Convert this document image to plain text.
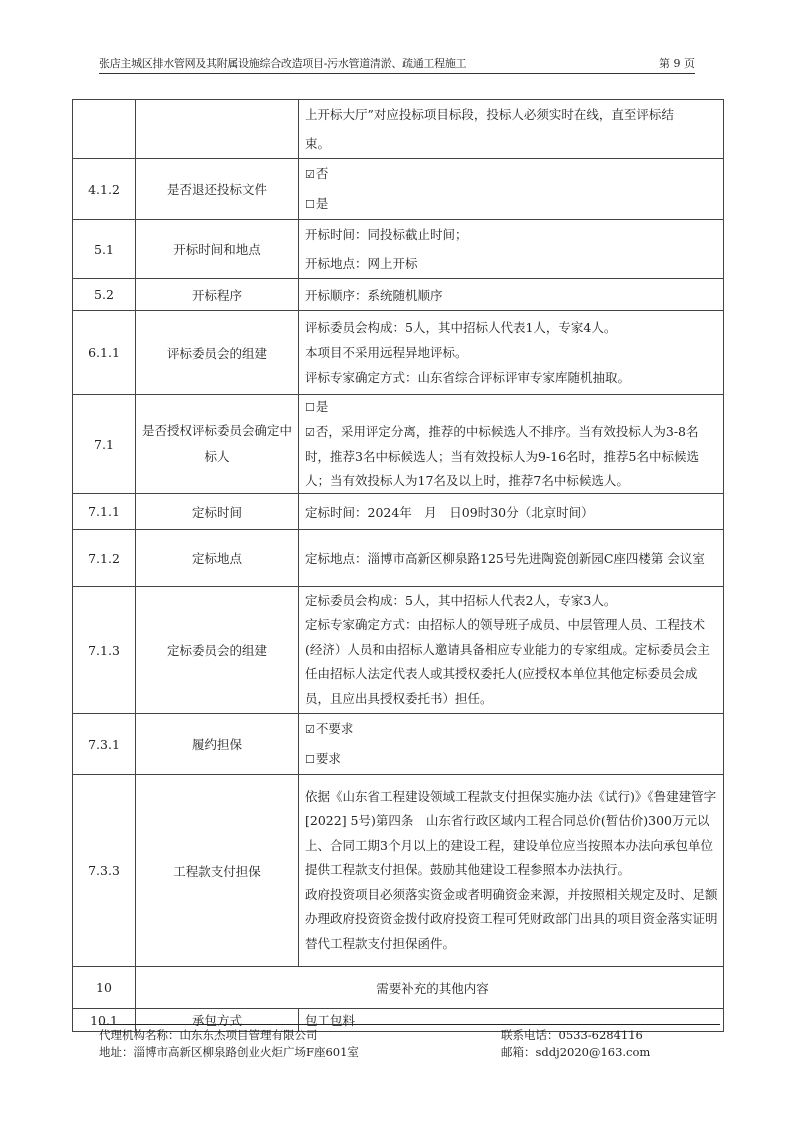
张店主城区排水管网及其附属设施综合改造项目-污水管道清淤、疏通工程施工	第 9 页

		上开标大厅”对应投标项目标段，投标人必须实时在线，直至评标结
束。

4.1.2	是否退还投标文件	☑否
☐是

5.1	开标时间和地点	开标时间：同投标截止时间；
开标地点：网上开标

5.2	开标程序	开标顺序：系统随机顺序
6.1.1	评标委员会的组建	评标委员会构成：5人，其中招标人代表1人，专家4人。
本项目不采用远程异地评标。
评标专家确定方式：山东省综合评标评审专家库随机抽取。

7.1	是否授权评标委员会确定中标人	☐是
☑否，采用评定分离，推荐的中标候选人不排序。当有效投标人为3-8名时，推荐3名中标候选人；当有效投标人为9-16名时，推荐5名中标候选人；当有效投标人为17名及以上时，推荐7名中标候选人。

7.1.1	定标时间	定标时间：2024年　月　日09时30分（北京时间）
7.1.2	定标地点	定标地点：淄博市高新区柳泉路125号先进陶瓷创新园C座四楼第 会议室
7.1.3	定标委员会的组建	定标委员会构成：5人，其中招标人代表2人，专家3人。
定标专家确定方式：由招标人的领导班子成员、中层管理人员、工程技术(经济）人员和由招标人邀请具备相应专业能力的专家组成。定标委员会主任由招标人法定代表人或其授权委托人(应授权本单位其他定标委员会成员，且应出具授权委托书）担任。

7.3.1	履约担保	☑不要求
☐要求

7.3.3	工程款支付担保	依据《山东省工程建设领域工程款支付担保实施办法《试行)》《鲁建建管字[2022] 5号)第四条　山东省行政区域内工程合同总价(暂估价)300万元以上、合同工期3个月以上的建设工程，建设单位应当按照本办法向承包单位提供工程款支付担保。鼓励其他建设工程参照本办法执行。
政府投资项目必须落实资金或者明确资金来源，并按照相关规定及时、足额办理政府投资资金拨付政府投资工程可凭财政部门出具的项目资金落实证明替代工程款支付担保函件。

10	需要补充的其他内容	
10.1	承包方式	包工包料
代理机构名称：山东东杰项目管理有限公司
地址：淄博市高新区柳泉路创业火炬广场F座601室
联系电话：0533-6284116
邮箱：sddj2020@163.com
